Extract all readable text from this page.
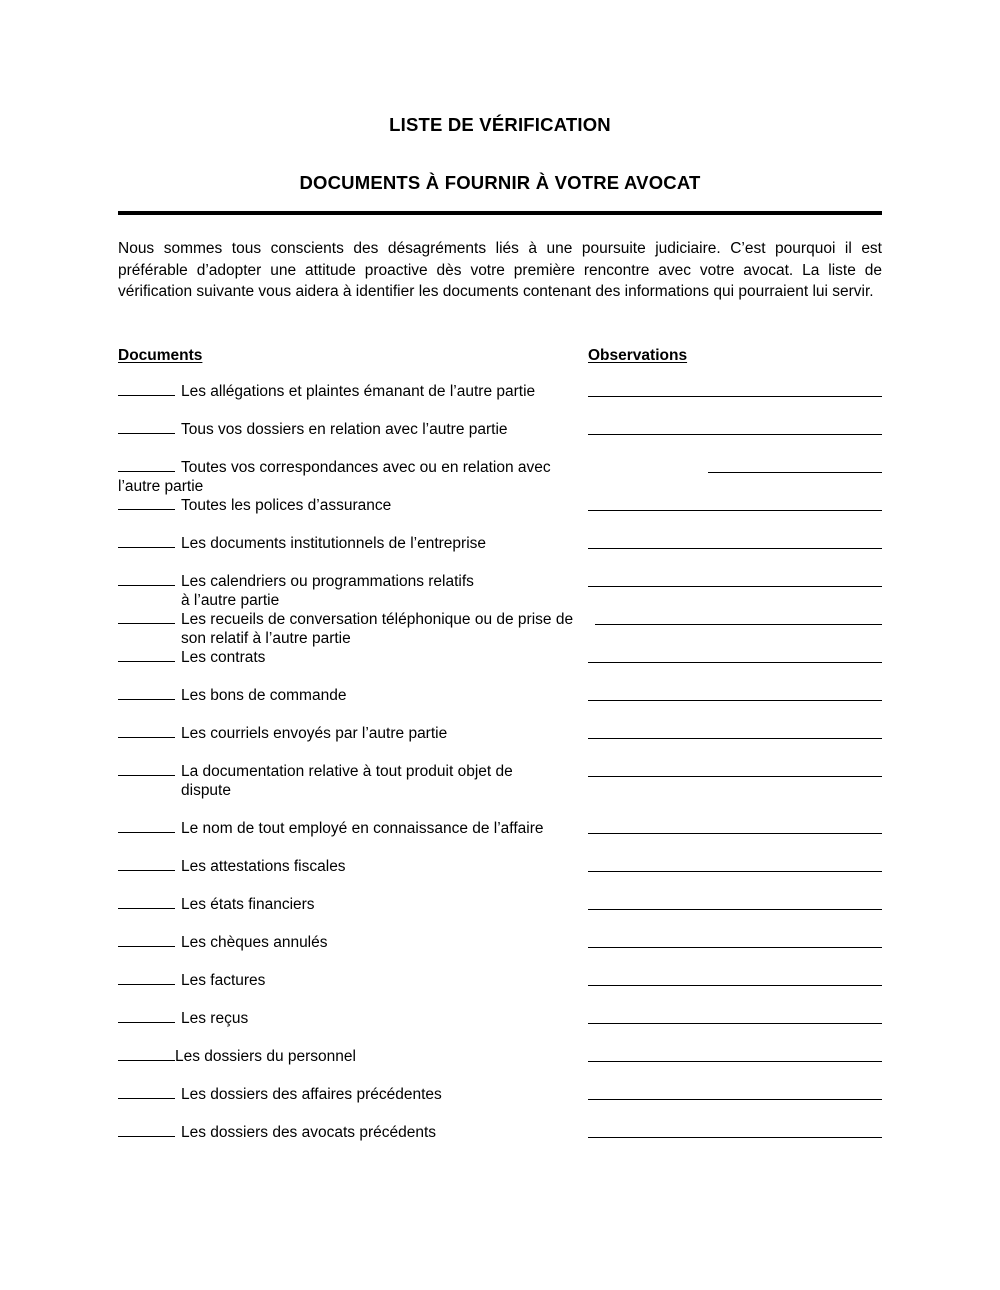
LISTE DE VÉRIFICATION
DOCUMENTS À FOURNIR À VOTRE AVOCAT

Nous sommes tous conscients des désagréments liés à une poursuite judiciaire. C’est pourquoi il est préférable d’adopter une attitude proactive dès votre première rencontre avec votre avocat. La liste de vérification suivante vous aidera à identifier les documents contenant des informations qui pourraient lui servir.

Documents	Observations
Les allégations et plaintes émanant de l’autre partie
Tous vos dossiers en relation avec l’autre partie
Toutes vos correspondances avec ou en relation avec l’autre partie
Toutes les polices d’assurance
Les documents institutionnels de l’entreprise
Les calendriers ou programmations relatifs
à l’autre partie
Les recueils de conversation téléphonique ou de prise de
son relatif à l’autre partie
Les contrats
Les bons de commande
Les courriels envoyés par l’autre partie
La documentation relative à tout produit objet de
dispute
Le nom de tout employé en connaissance de l’affaire
Les attestations fiscales
Les états financiers
Les chèques annulés
Les factures
Les reçus
Les dossiers du personnel
Les dossiers des affaires précédentes
Les dossiers des avocats précédents
